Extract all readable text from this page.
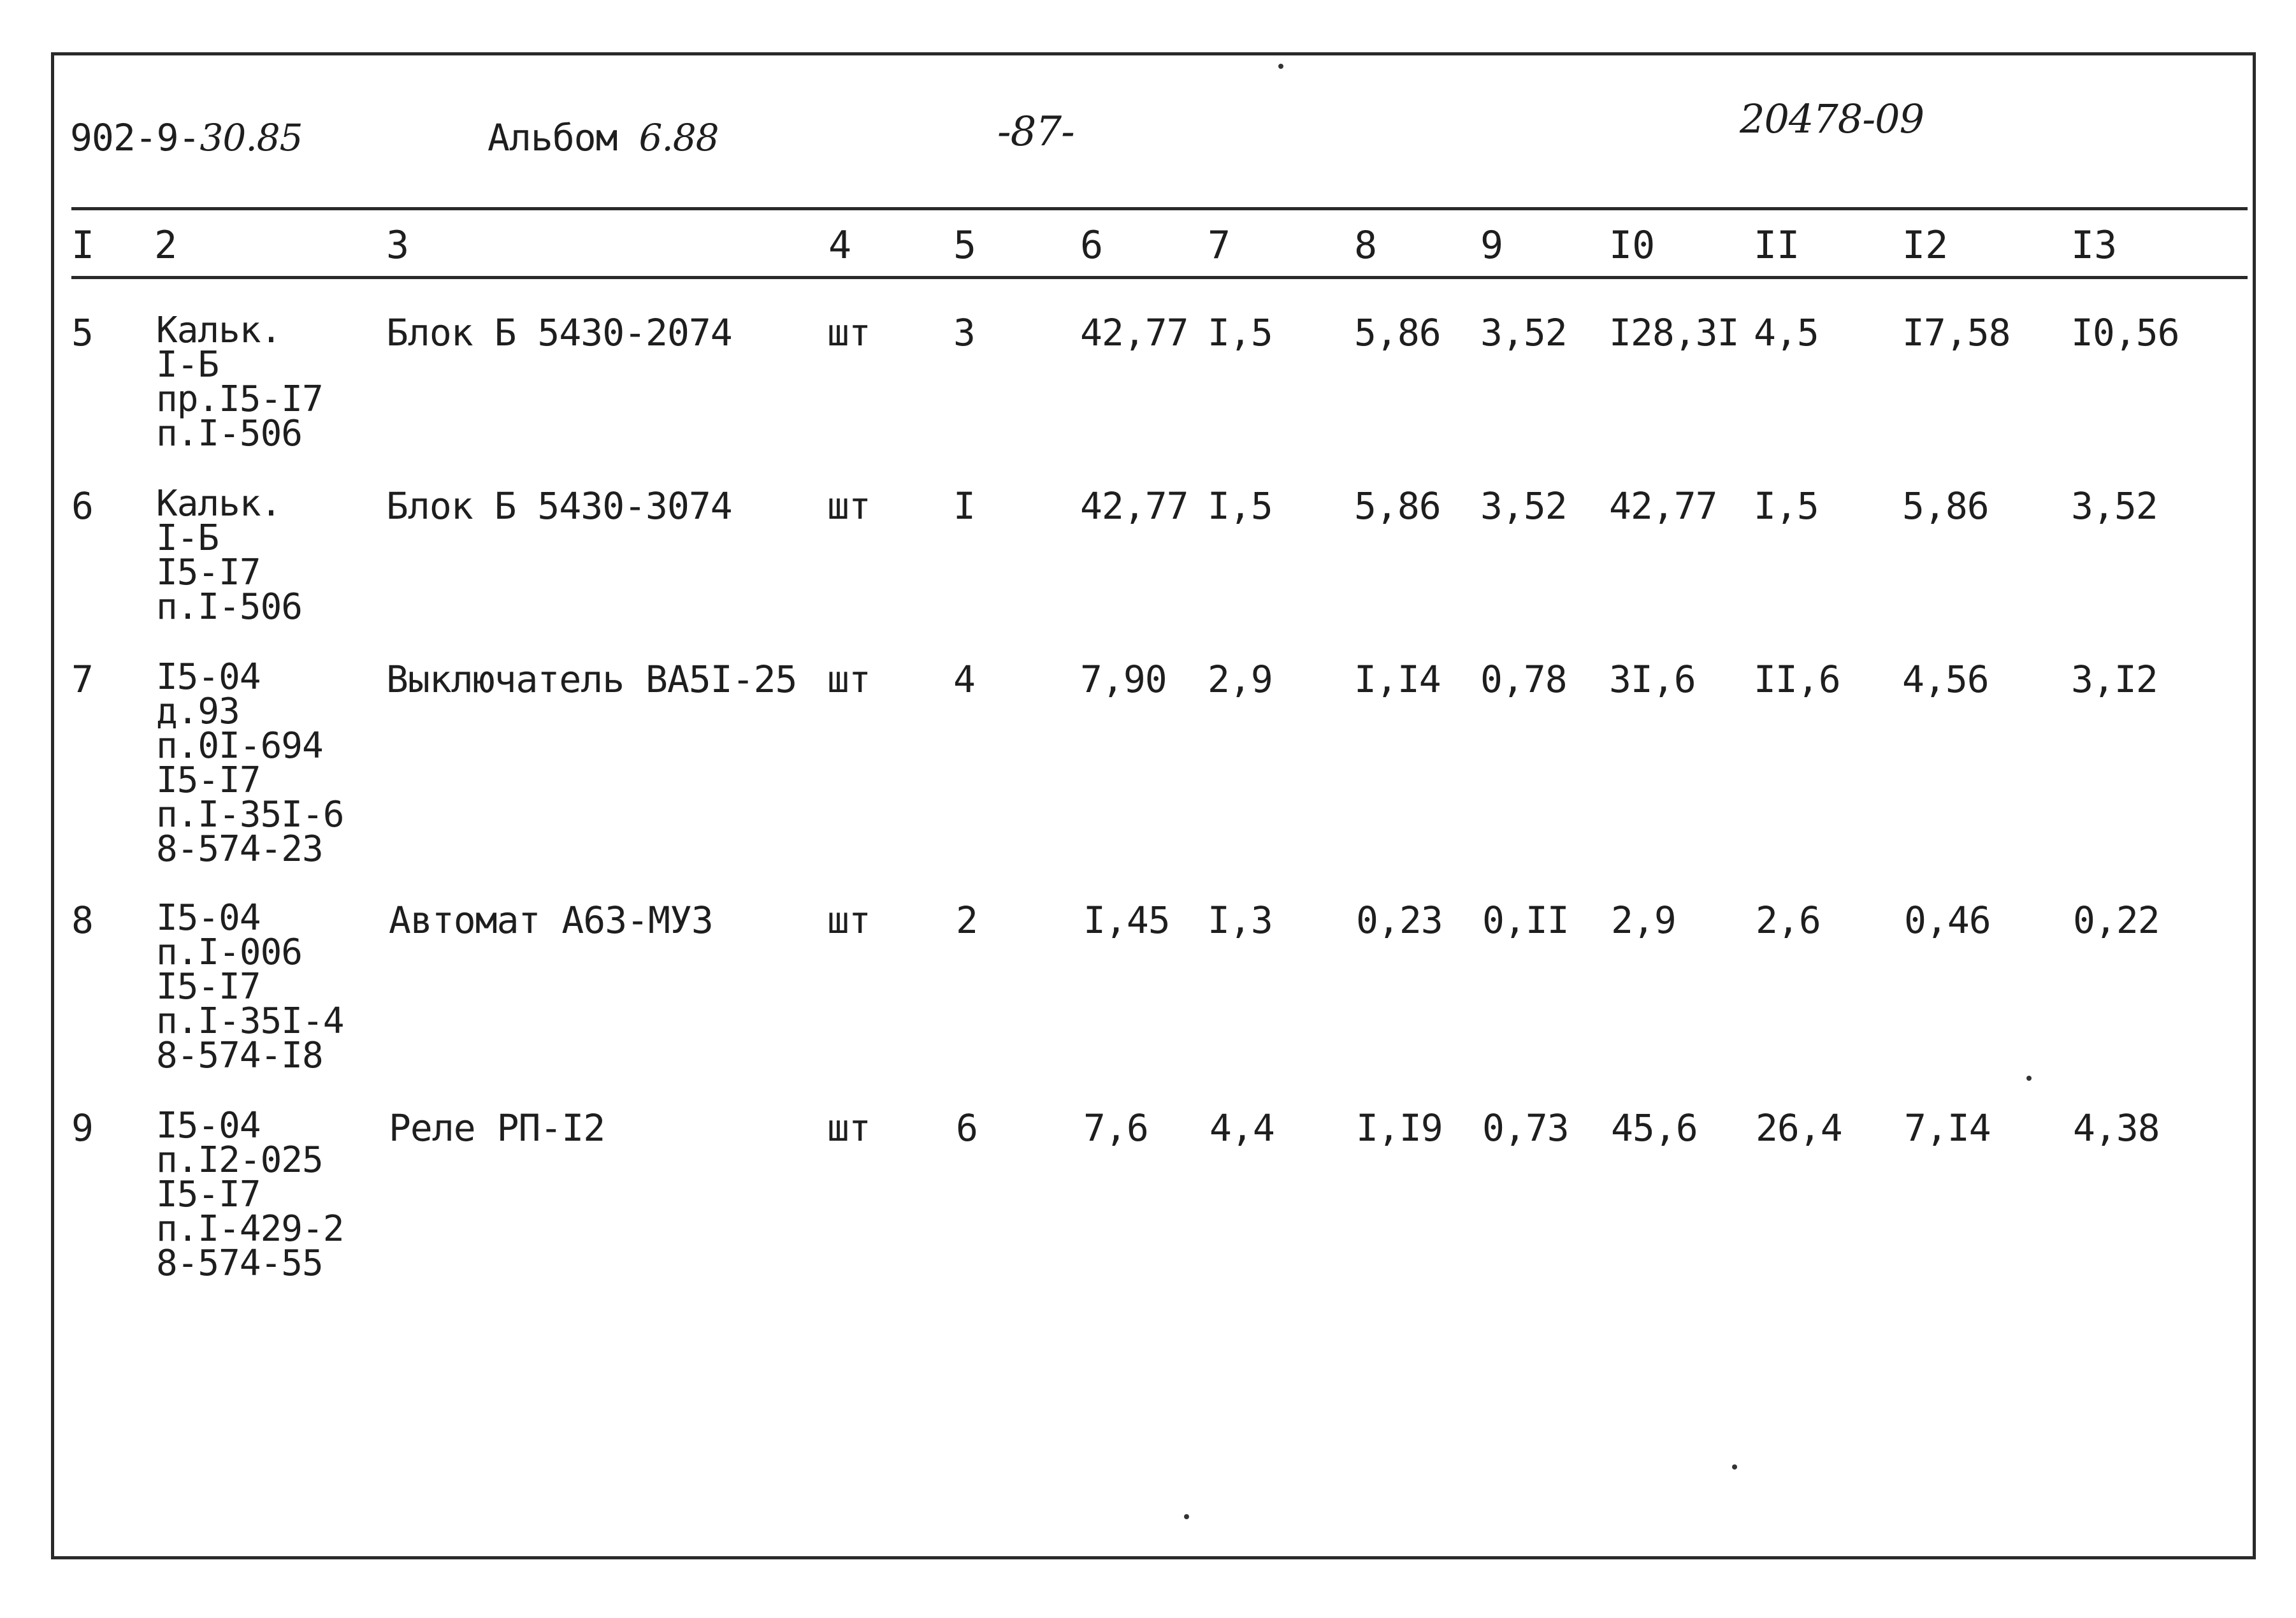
902-9-30.85	Альбом 6.88	-87-	20478-09
I 2	3	4	5	6	7	8	9	I0	II	I2	I3
5 Кальк.
I-Б
пр.I5-I7
п.I-506
Блок Б 5430-2074	шт 3	42,77 I,5 5,86 3,52 I28,3I 4,5 I7,58 I0,56
6 Кальк.
I-Б
I5-I7
п.I-506
Блок Б 5430-3074	шт I	42,77 I,5 5,86 3,52 42,77 I,5 5,86 3,52
7 I5-04
д.93
п.0I-694
I5-I7
п.I-35I-6
8-574-23
Выключатель ВА5I-25 шт 4	7,90 2,9 I,I4 0,78 3I,6 II,6 4,56 3,I2
8 I5-04
п.I-006
I5-I7
п.I-35I-4
8-574-I8
Автомат А63-МУЗ	шт 2	I,45 I,3 0,23 0,II 2,9 2,6 0,46 0,22
9 I5-04
п.I2-025
I5-I7
п.I-429-2
8-574-55
Реле РП-I2	шт 6	7,6 4,4 I,I9 0,73 45,6 26,4 7,I4 4,38
